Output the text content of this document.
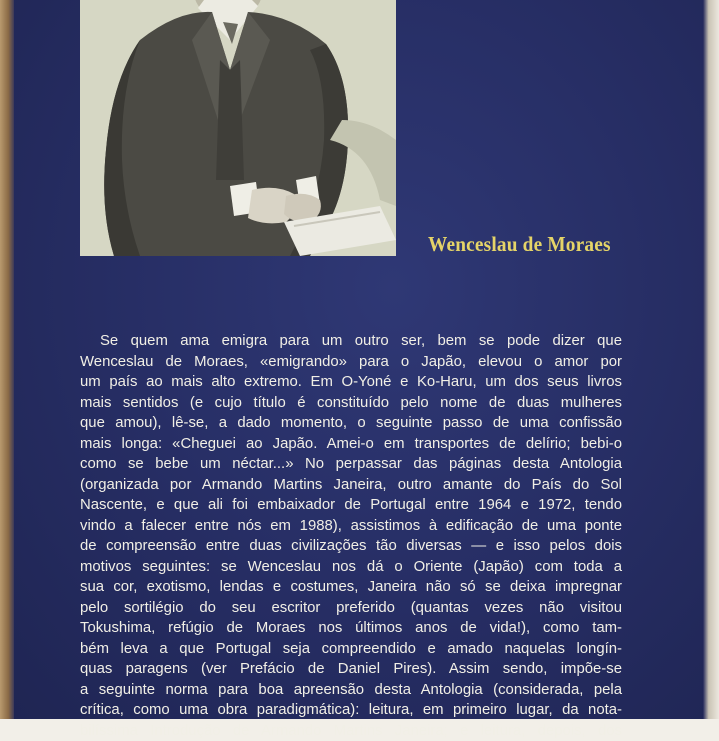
Wenceslau de Moraes
Se quem ama emigra para um outro ser, bem se pode dizer que
Wenceslau de Moraes, «emigrando» para o Japão, elevou o amor por
um país ao mais alto extremo. Em O-Yoné e Ko-Haru, um dos seus livros
mais sentidos (e cujo título é constituído pelo nome de duas mulheres
que amou), lê-se, a dado momento, o seguinte passo de uma confissão
mais longa: «Cheguei ao Japão. Amei-o em transportes de delírio; bebi-o
como se bebe um néctar...» No perpassar das páginas desta Antologia
(organizada por Armando Martins Janeira, outro amante do País do Sol
Nascente, e que ali foi embaixador de Portugal entre 1964 e 1972, tendo
vindo a falecer entre nós em 1988), assistimos à edificação de uma ponte
de compreensão entre duas civilizações tão diversas — e isso pelos dois
motivos seguintes: se Wenceslau nos dá o Oriente (Japão) com toda a
sua cor, exotismo, lendas e costumes, Janeira não só se deixa impregnar
pelo sortilégio do seu escritor preferido (quantas vezes não visitou
Tokushima, refúgio de Moraes nos últimos anos de vida!), como tam-
bém leva a que Portugal seja compreendido e amado naquelas longín-
quas paragens (ver Prefácio de Daniel Pires). Assim sendo, impõe-se
a seguinte norma para boa apreensão desta Antologia (considerada, pela
crítica, como uma obra paradigmática): leitura, em primeiro lugar, da nota-
bilíssima Introdução de Armando Martins Janeira; e leitura, depois, dos
